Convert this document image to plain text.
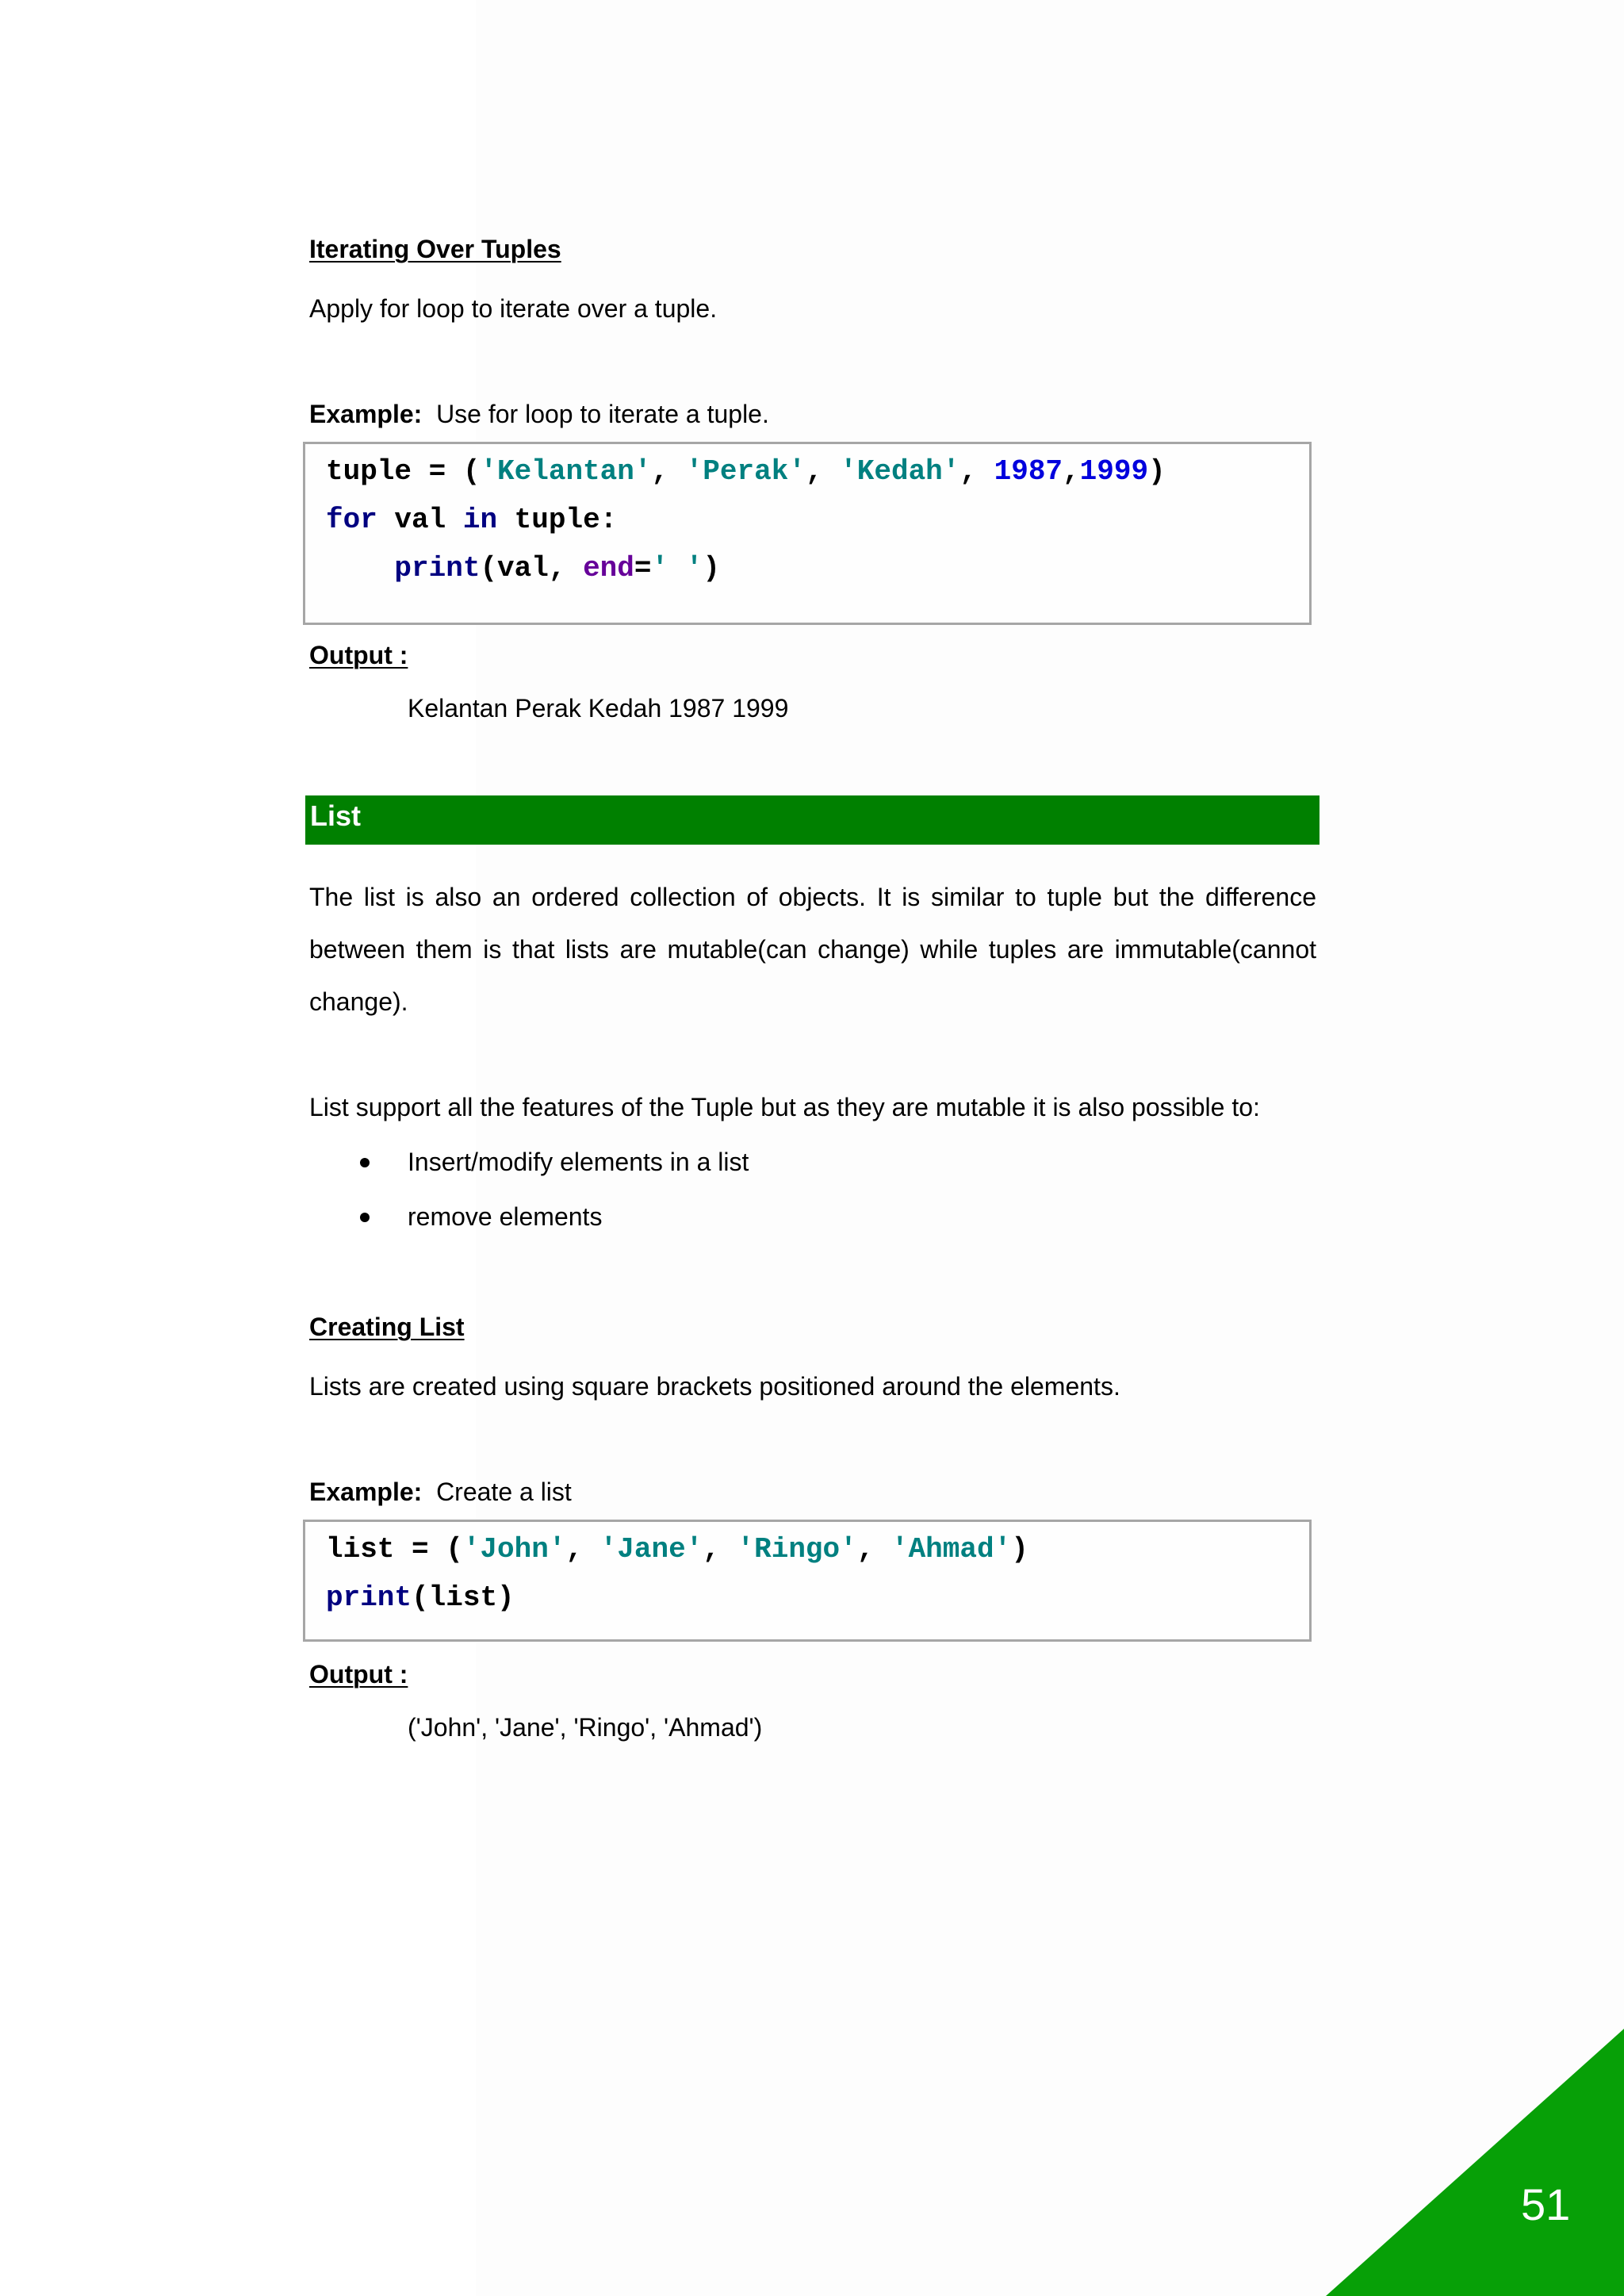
Iterating Over Tuples
Apply for loop to iterate over a tuple.
Example: Use for loop to iterate a tuple.
tuple = ('Kelantan', 'Perak', 'Kedah', 1987,1999)
for val in tuple:
print(val, end=' ')
Output :
Kelantan Perak Kedah 1987 1999
List
The list is also an ordered collection of objects. It is similar to tuple but the difference between them is that lists are mutable(can change) while tuples are immutable(cannot change).
List support all the features of the Tuple but as they are mutable it is also possible to:
Insert/modify elements in a list
remove elements
Creating List
Lists are created using square brackets positioned around the elements.
Example: Create a list
list = ('John', 'Jane', 'Ringo', 'Ahmad')
print(list)
Output :
('John', 'Jane', 'Ringo', 'Ahmad')
51
